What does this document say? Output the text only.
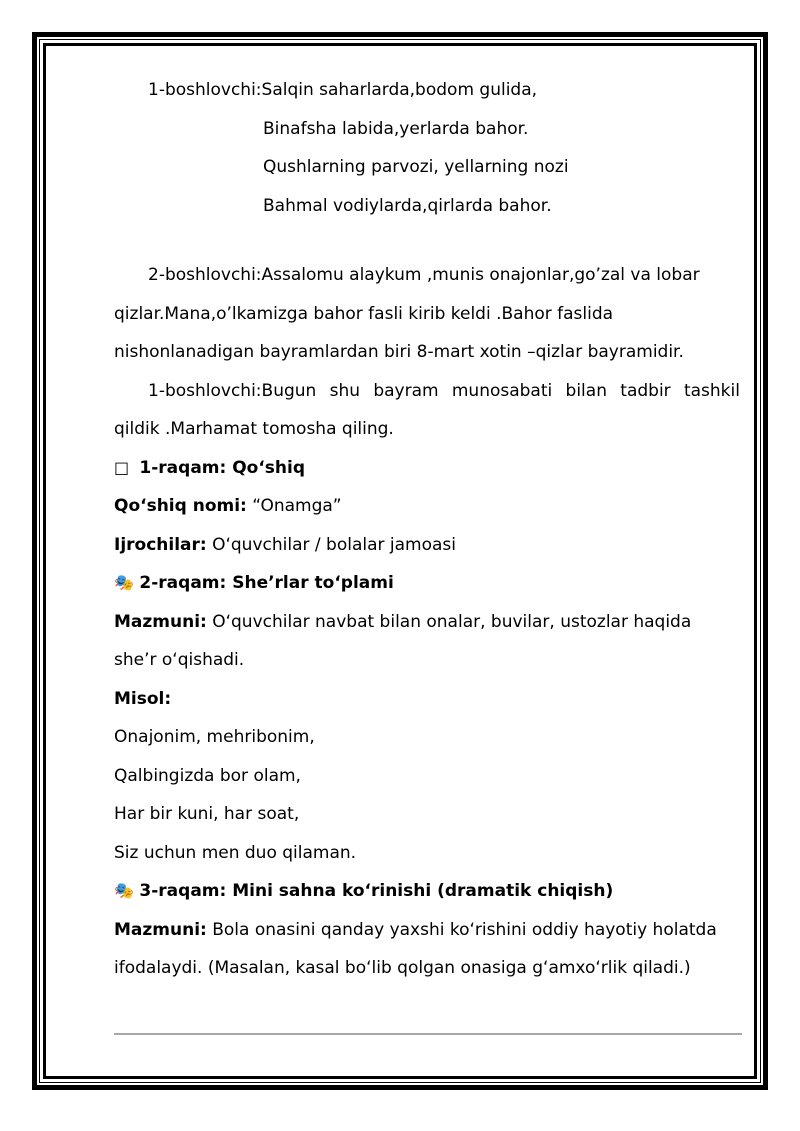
1-boshlovchi:Salqin saharlarda,bodom gulida,
Binafsha labida,yerlarda bahor.
Qushlarning parvozi, yellarning nozi
Bahmal vodiylarda,qirlarda bahor.
2-boshlovchi:Assalomu alaykum ,munis onajonlar,go’zal va lobar
qizlar.Mana,o’lkamizga bahor fasli kirib keldi .Bahor faslida
nishonlanadigan bayramlardan biri 8-mart xotin –qizlar bayramidir.
1-boshlovchi:Bugun shu bayram munosabati bilan tadbir tashkil
qildik .Marhamat tomosha qiling.
□ 1-raqam: Qo‘shiq
Qo‘shiq nomi: “Onamga”
Ijrochilar: O‘quvchilar / bolalar jamoasi
🎭 2-raqam: She’rlar to‘plami
Mazmuni: O‘quvchilar navbat bilan onalar, buvilar, ustozlar haqida
she’r o‘qishadi.
Misol:
Onajonim, mehribonim,
Qalbingizda bor olam,
Har bir kuni, har soat,
Siz uchun men duo qilaman.
🎭 3-raqam: Mini sahna ko‘rinishi (dramatik chiqish)
Mazmuni: Bola onasini qanday yaxshi ko‘rishini oddiy hayotiy holatda
ifodalaydi. (Masalan, kasal bo‘lib qolgan onasiga g‘amxo‘rlik qiladi.)
